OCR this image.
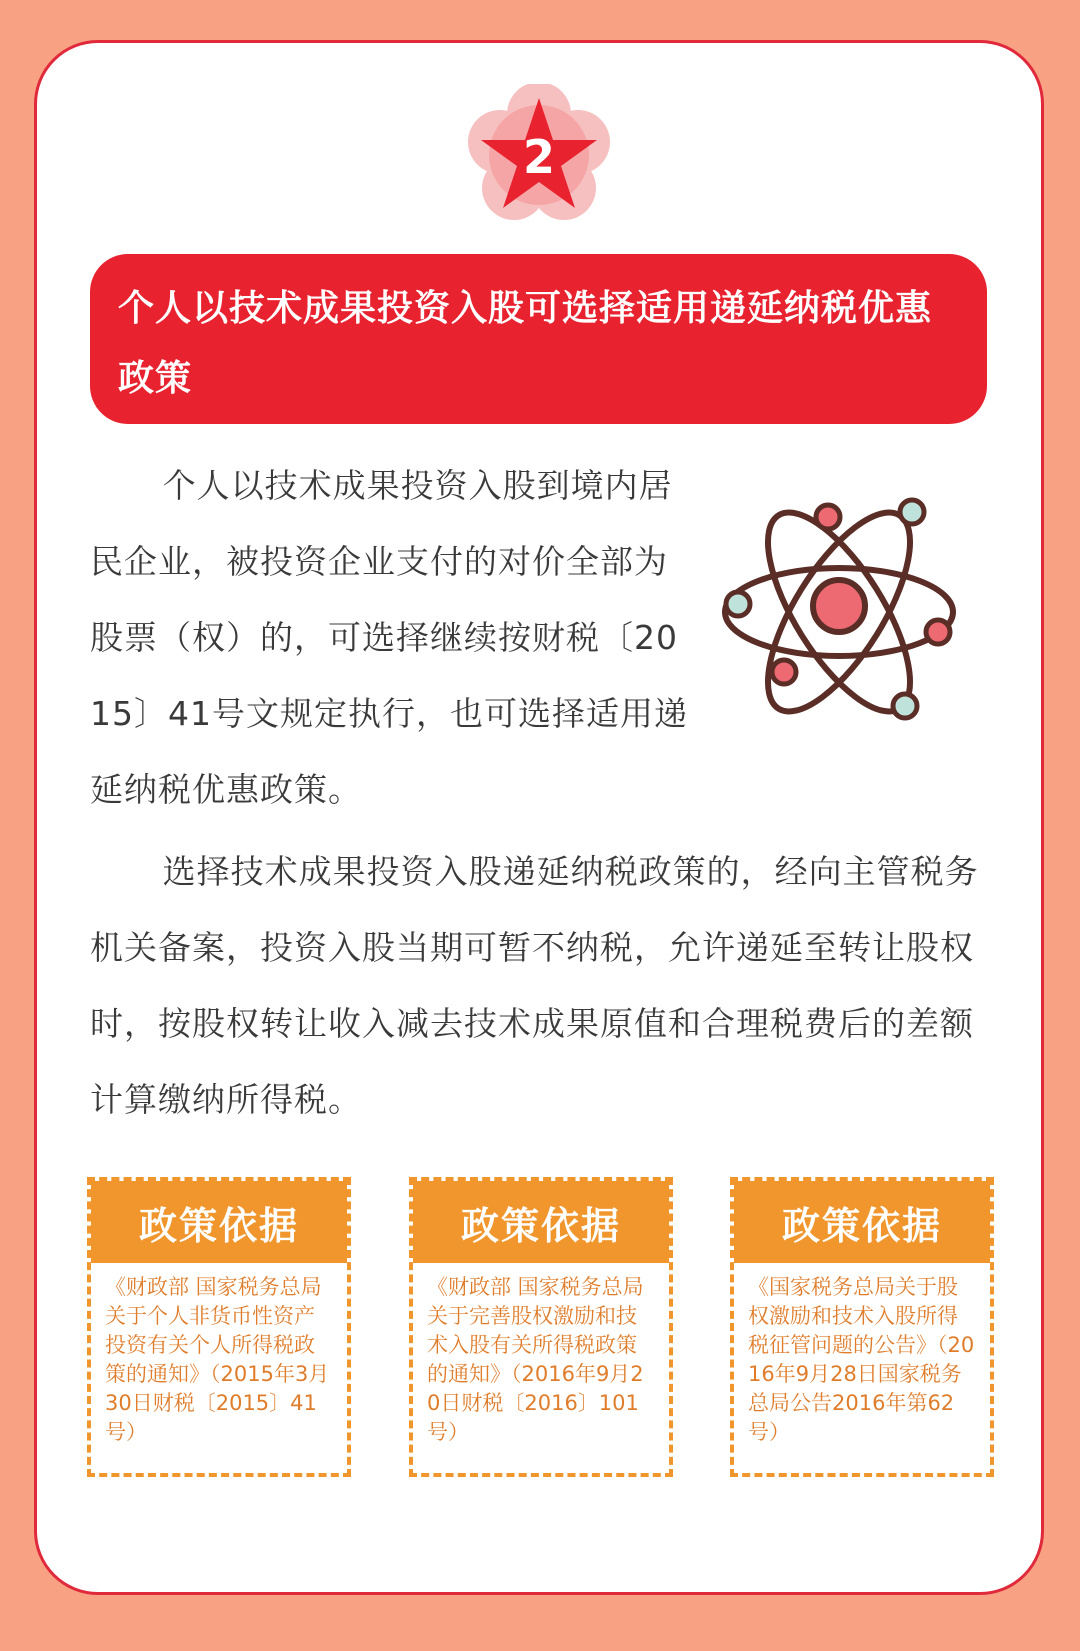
2
个人以技术成果投资入股可选择适用递延纳税优惠政策
个人以技术成果投资入股到境内居民企业，被投资企业支付的对价全部为股票（权）的，可选择继续按财税〔2015〕41号文规定执行，也可选择适用递延纳税优惠政策。
选择技术成果投资入股递延纳税政策的，经向主管税务机关备案，投资入股当期可暂不纳税，允许递延至转让股权时，按股权转让收入减去技术成果原值和合理税费后的差额计算缴纳所得税。
政策依据
《财政部 国家税务总局关于个人非货币性资产投资有关个人所得税政策的通知》（2015年3月30日财税〔2015〕41号）
政策依据
《财政部 国家税务总局关于完善股权激励和技术入股有关所得税政策的通知》（2016年9月20日财税〔2016〕101号）
政策依据
《国家税务总局关于股权激励和技术入股所得税征管问题的公告》（2016年9月28日国家税务总局公告2016年第62号）
